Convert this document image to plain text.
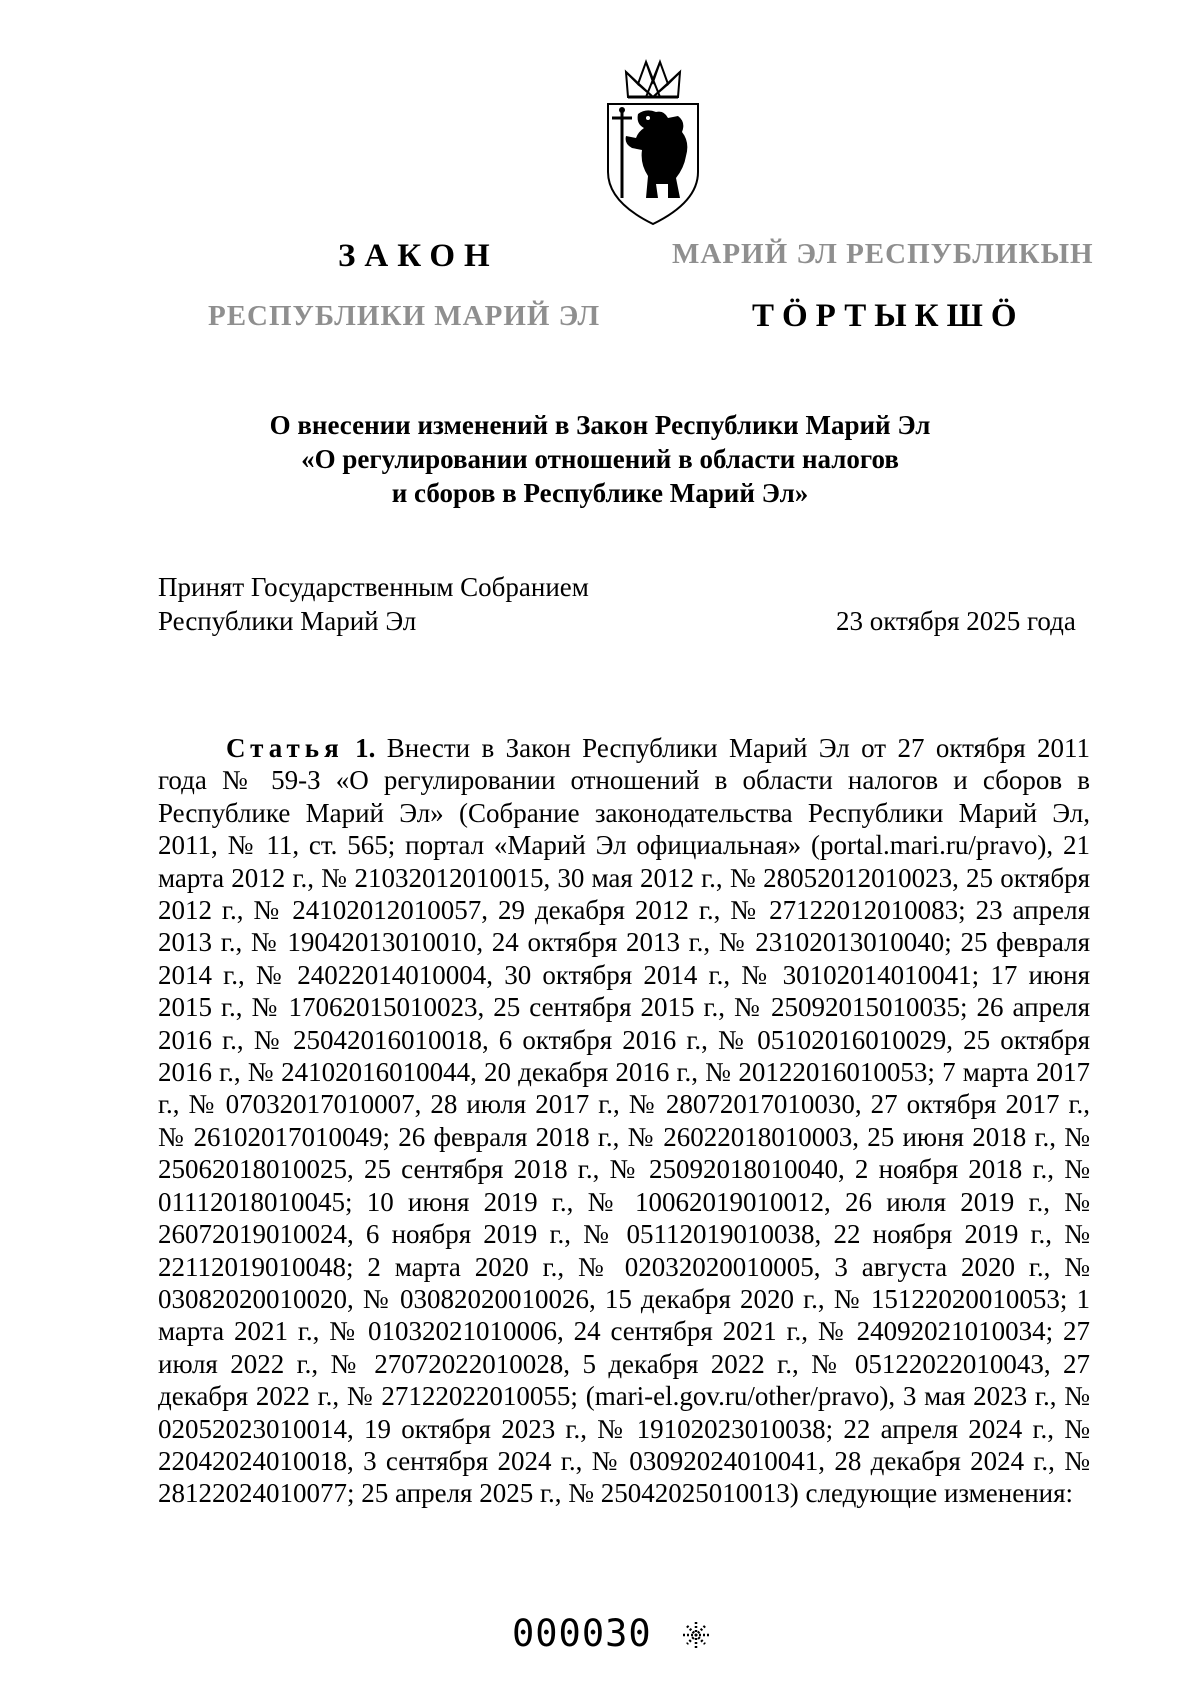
ЗАКОН	МАРИЙ ЭЛ РЕСПУБЛИКЫН
РЕСПУБЛИКИ МАРИЙ ЭЛ	ТӦРТЫКШӦ
О внесении изменений в Закон Республики Марий Эл
«О регулировании отношений в области налогов
и сборов в Республике Марий Эл»
Принят Государственным Собранием
Республики Марий Эл	23 октября 2025 года
Статья 1. Внести в Закон Республики Марий Эл от 27 октября 2011 года № 59-З «О регулировании отношений в области налогов и сборов в Республике Марий Эл» (Собрание законодательства Республики Марий Эл, 2011, № 11, ст. 565; портал «Марий Эл официальная» (portal.mari.ru/pravo), 21 марта 2012 г., № 21032012010015, 30 мая 2012 г., № 28052012010023, 25 октября 2012 г., № 24102012010057, 29 декабря 2012 г., № 27122012010083; 23 апреля 2013 г., № 19042013010010, 24 октября 2013 г., № 23102013010040; 25 февраля 2014 г., № 24022014010004, 30 октября 2014 г., № 30102014010041; 17 июня 2015 г., № 17062015010023, 25 сентября 2015 г., № 25092015010035; 26 апреля 2016 г., № 25042016010018, 6 октября 2016 г., № 05102016010029, 25 октября 2016 г., № 24102016010044, 20 декабря 2016 г., № 20122016010053; 7 марта 2017 г., № 07032017010007, 28 июля 2017 г., № 28072017010030, 27 октября 2017 г., № 26102017010049; 26 февраля 2018 г., № 26022018010003, 25 июня 2018 г., № 25062018010025, 25 сентября 2018 г., № 25092018010040, 2 ноября 2018 г., № 01112018010045; 10 июня 2019 г., № 10062019010012, 26 июля 2019 г., № 26072019010024, 6 ноября 2019 г., № 05112019010038, 22 ноября 2019 г., № 22112019010048; 2 марта 2020 г., № 02032020010005, 3 августа 2020 г., № 03082020010020, № 03082020010026, 15 декабря 2020 г., № 15122020010053; 1 марта 2021 г., № 01032021010006, 24 сентября 2021 г., № 24092021010034; 27 июля 2022 г., № 27072022010028, 5 декабря 2022 г., № 05122022010043, 27 декабря 2022 г., № 27122022010055; (mari-el.gov.ru/other/pravo), 3 мая 2023 г., № 02052023010014, 19 октября 2023 г., № 19102023010038; 22 апреля 2024 г., № 22042024010018, 3 сентября 2024 г., № 03092024010041, 28 декабря 2024 г., № 28122024010077; 25 апреля 2025 г., № 25042025010013) следующие изменения:
000030
